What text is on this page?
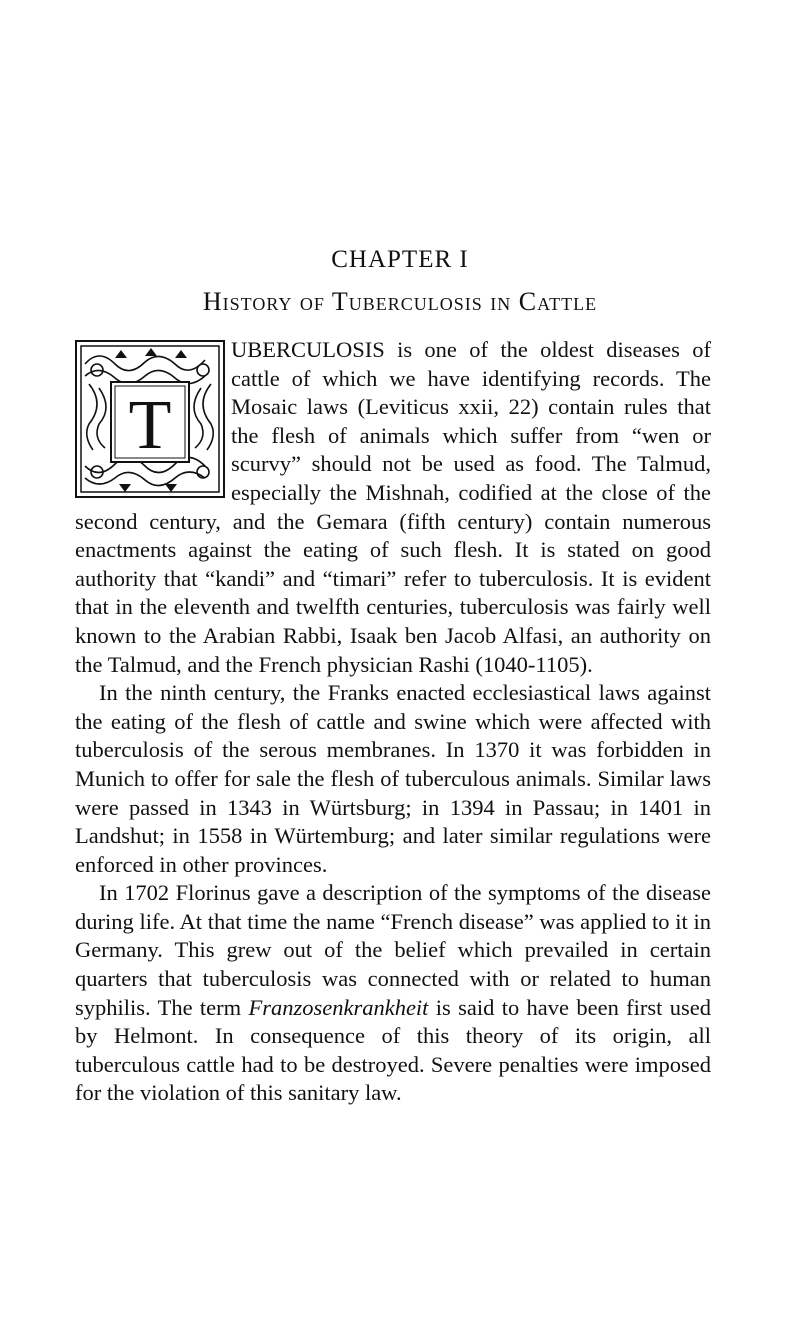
CHAPTER I
History of Tuberculosis in Cattle
T

UBERCULOSIS is one of the oldest diseases of cattle of which we have identifying records. The Mosaic laws (Leviticus xxii, 22) contain rules that the flesh of animals which suffer from “wen or scurvy” should not be used as food. The Talmud, especially the Mishnah, codified at the close of the second century, and the Gemara (fifth century) contain numerous enactments against the eating of such flesh. It is stated on good authority that “kandi” and “timari” refer to tuberculosis. It is evident that in the eleventh and twelfth centuries, tuberculosis was fairly well known to the Arabian Rabbi, Isaak ben Jacob Alfasi, an authority on the Talmud, and the French physician Rashi (1040-1105).

In the ninth century, the Franks enacted ecclesiastical laws against the eating of the flesh of cattle and swine which were affected with tuberculosis of the serous membranes. In 1370 it was forbidden in Munich to offer for sale the flesh of tuberculous animals. Similar laws were passed in 1343 in Würtsburg; in 1394 in Passau; in 1401 in Landshut; in 1558 in Würtemburg; and later similar regulations were enforced in other provinces.

In 1702 Florinus gave a description of the symptoms of the disease during life. At that time the name “French disease” was applied to it in Germany. This grew out of the belief which prevailed in certain quarters that tuberculosis was connected with or related to human syphilis. The term Franzosenkrankheit is said to have been first used by Helmont. In consequence of this theory of its origin, all tuberculous cattle had to be destroyed. Severe penalties were imposed for the violation of this sanitary law.
